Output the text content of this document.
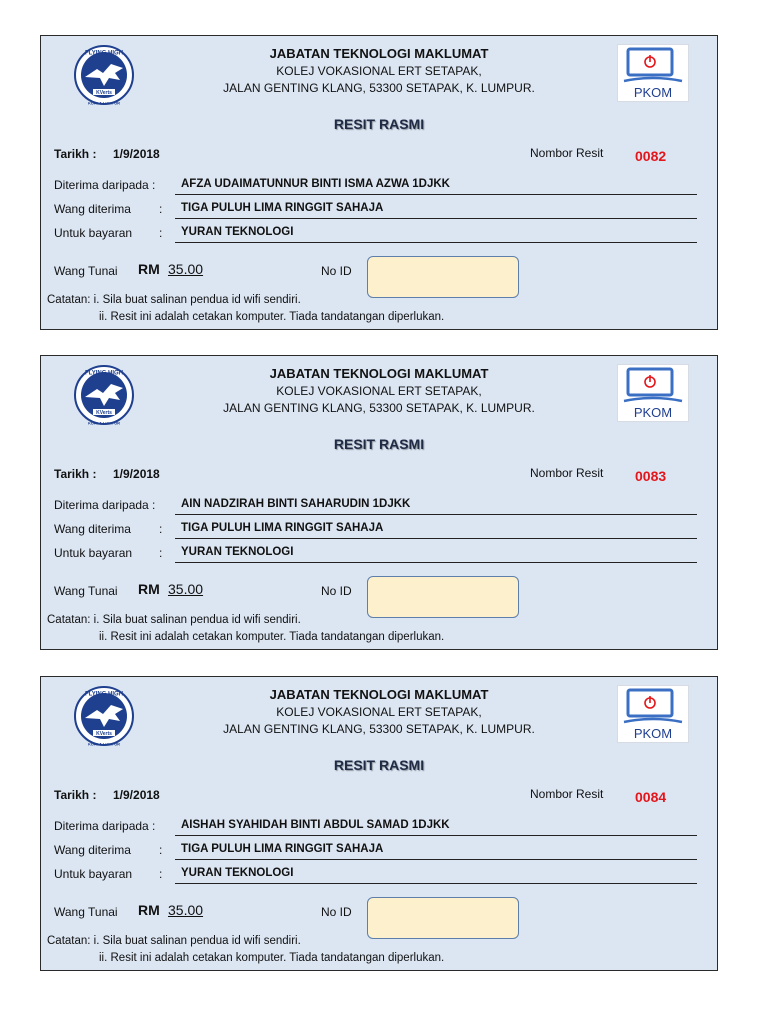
FLYING HIGH
KVerts
KUALA LUMPUR
JABATAN TEKNOLOGI MAKLUMAT
KOLEJ VOKASIONAL ERT SETAPAK,
JALAN GENTING KLANG, 53300 SETAPAK, K. LUMPUR.	PKOM
RESIT RASMI
Tarikh : 1/9/2018	Nombor Resit 0082
Diterima daripada : AFZA UDAIMATUNNUR BINTI ISMA AZWA 1DJKK
Wang diterima : TIGA PULUH LIMA RINGGIT SAHAJA
Untuk bayaran : YURAN TEKNOLOGI
Wang Tunai RM 35.00	No ID
Catatan: i. Sila buat salinan pendua id wifi sendiri.
ii. Resit ini adalah cetakan komputer. Tiada tandatangan diperlukan.
FLYING HIGH
KVerts
KUALA LUMPUR
JABATAN TEKNOLOGI MAKLUMAT
KOLEJ VOKASIONAL ERT SETAPAK,
JALAN GENTING KLANG, 53300 SETAPAK, K. LUMPUR.	PKOM
RESIT RASMI
Tarikh : 1/9/2018	Nombor Resit 0083
Diterima daripada : AIN NADZIRAH BINTI SAHARUDIN 1DJKK
Wang diterima : TIGA PULUH LIMA RINGGIT SAHAJA
Untuk bayaran : YURAN TEKNOLOGI
Wang Tunai RM 35.00	No ID
Catatan: i. Sila buat salinan pendua id wifi sendiri.
ii. Resit ini adalah cetakan komputer. Tiada tandatangan diperlukan.
FLYING HIGH
KVerts
KUALA LUMPUR
JABATAN TEKNOLOGI MAKLUMAT
KOLEJ VOKASIONAL ERT SETAPAK,
JALAN GENTING KLANG, 53300 SETAPAK, K. LUMPUR.	PKOM
RESIT RASMI
Tarikh : 1/9/2018	Nombor Resit 0084
Diterima daripada : AISHAH SYAHIDAH BINTI ABDUL SAMAD 1DJKK
Wang diterima : TIGA PULUH LIMA RINGGIT SAHAJA
Untuk bayaran : YURAN TEKNOLOGI
Wang Tunai RM 35.00	No ID
Catatan: i. Sila buat salinan pendua id wifi sendiri.
ii. Resit ini adalah cetakan komputer. Tiada tandatangan diperlukan.
